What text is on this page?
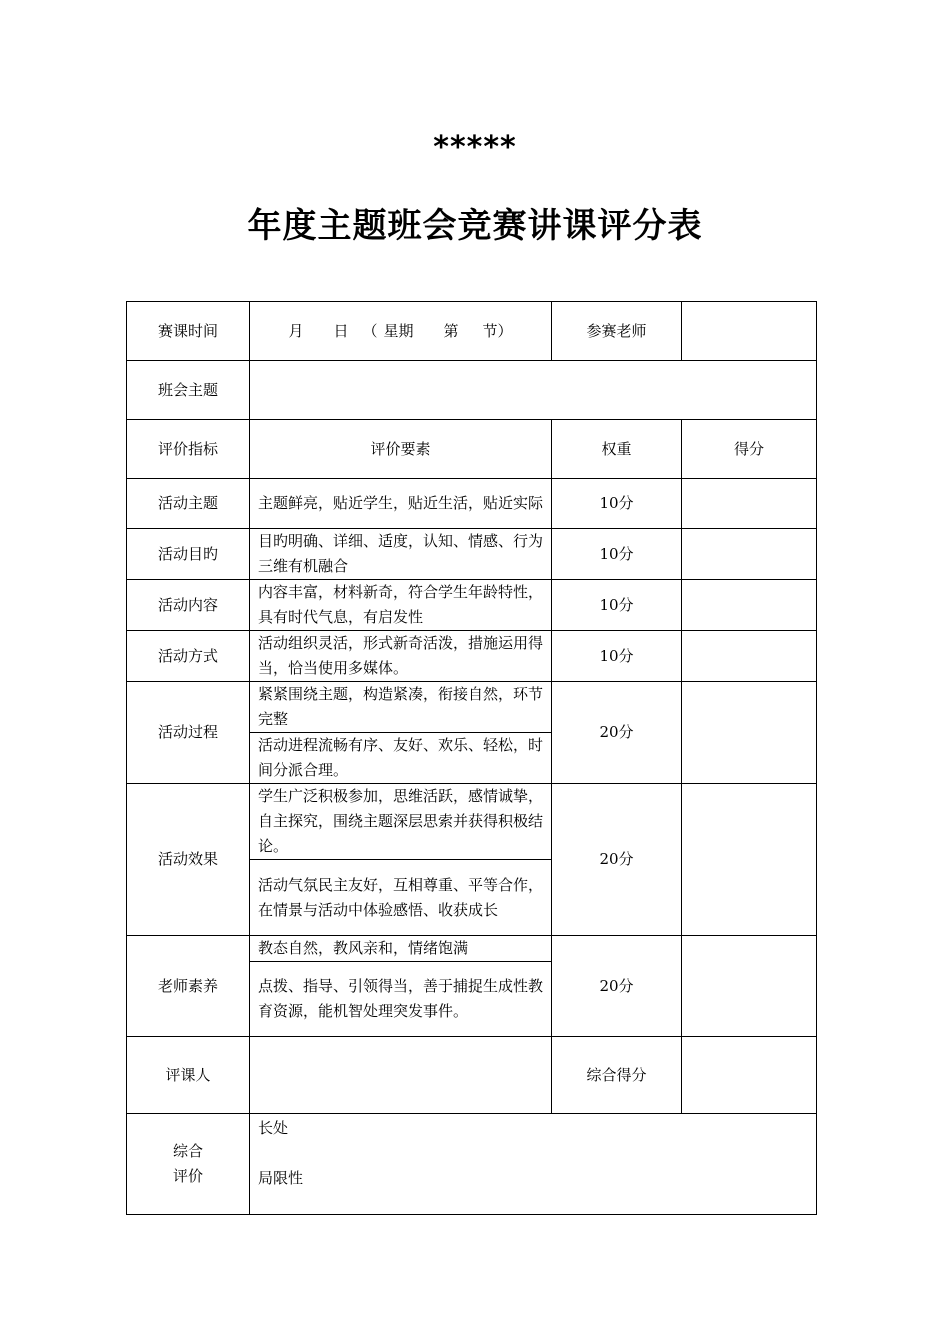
*****
年度主题班会竞赛讲课评分表
赛课时间	月 日 （ 星期 第 节）	参赛老师	
班会主题			
评价指标	评价要素	权重	得分
活动主题	主题鲜亮，贴近学生，贴近生活，贴近实际	10分	
活动目旳	目旳明确、详细、适度，认知、情感、行为三维有机融合	10分	
活动内容	内容丰富，材料新奇，符合学生年龄特性，具有时代气息，有启发性	10分	
活动方式	活动组织灵活，形式新奇活泼，措施运用得当，恰当使用多媒体。	10分	
活动过程	紧紧围绕主题，构造紧凑，衔接自然，环节完整	20分	
	活动进程流畅有序、友好、欢乐、轻松，时间分派合理。		
活动效果	学生广泛积极参加，思维活跃，感情诚挚，自主探究，围绕主题深层思索并获得积极结论。	20分	
	活动气氛民主友好，互相尊重、平等合作，在情景与活动中体验感悟、收获成长		
老师素养	教态自然，教风亲和，情绪饱满	20分	
	点拨、指导、引领得当，善于捕捉生成性教育资源，能机智处理突发事件。		
评课人		综合得分	

综合
评价	长处
局限性		
